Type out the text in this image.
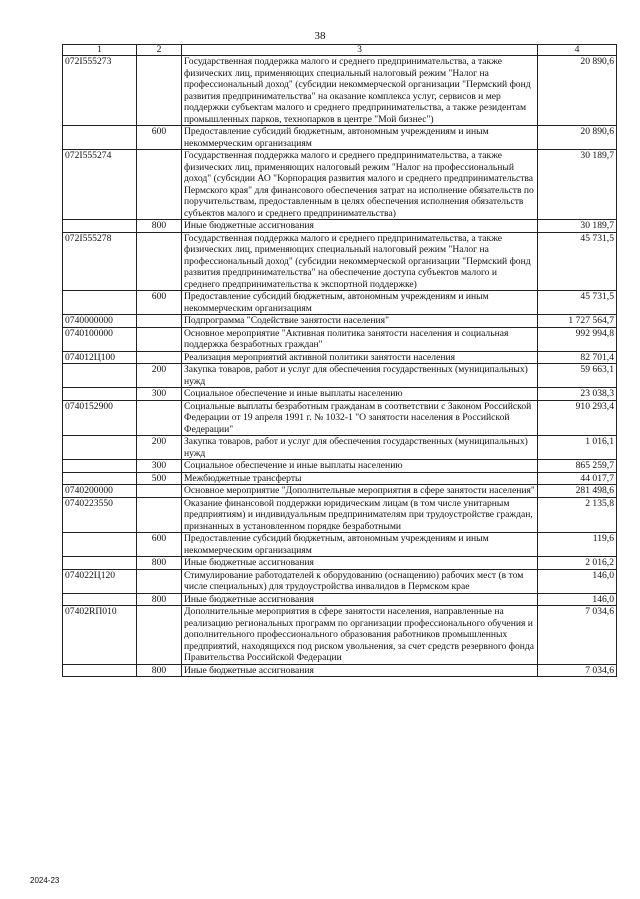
38
1	2	3	4
072I555273		Государственная поддержка малого и среднего предпринимательства, а также физических лиц, применяющих специальный налоговый режим "Налог на профессиональный доход" (субсидии некоммерческой организации "Пермский фонд развития предпринимательства" на оказание комплекса услуг, сервисов и мер поддержки субъектам малого и среднего предпринимательства, а также резидентам промышленных парков, технопарков в центре "Мой бизнес")	20 890,6
	600	Предоставление субсидий бюджетным, автономным учреждениям и иным некоммерческим организациям	20 890,6
072I555274		Государственная поддержка малого и среднего предпринимательства, а также физических лиц, применяющих налоговый режим "Налог на профессиональный доход" (субсидии АО "Корпорация развития малого и среднего предпринимательства Пермского края" для финансового обеспечения затрат на исполнение обязательств по поручительствам, предоставленным в целях обеспечения исполнения обязательств субъектов малого и среднего предпринимательства)	30 189,7
	800	Иные бюджетные ассигнования	30 189,7
072I555278		Государственная поддержка малого и среднего предпринимательства, а также физических лиц, применяющих специальный налоговый режим "Налог на профессиональный доход" (субсидии некоммерческой организации "Пермский фонд развития предпринимательства" на обеспечение доступа субъектов малого и среднего предпринимательства к экспортной поддержке)	45 731,5
	600	Предоставление субсидий бюджетным, автономным учреждениям и иным некоммерческим организациям	45 731,5
0740000000		Подпрограмма "Содействие занятости населения"	1 727 564,7
0740100000		Основное мероприятие "Активная политика занятости населения и социальная поддержка безработных граждан"	992 994,8
074012Ц100		Реализация мероприятий активной политики занятости населения	82 701,4
	200	Закупка товаров, работ и услуг для обеспечения государственных (муниципальных) нужд	59 663,1
	300	Социальное обеспечение и иные выплаты населению	23 038,3
0740152900		Социальные выплаты безработным гражданам в соответствии с Законом Российской Федерации от 19 апреля 1991 г. № 1032-1 "О занятости населения в Российской Федерации"	910 293,4
	200	Закупка товаров, работ и услуг для обеспечения государственных (муниципальных) нужд	1 016,1
	300	Социальное обеспечение и иные выплаты населению	865 259,7
	500	Межбюджетные трансферты	44 017,7
0740200000		Основное мероприятие "Дополнительные мероприятия в сфере занятости населения"	281 498,6
0740223550		Оказание финансовой поддержки юридическим лицам (в том числе унитарным предприятиям) и индивидуальным предпринимателям при трудоустройстве граждан, признанных в установленном порядке безработными	2 135,8
	600	Предоставление субсидий бюджетным, автономным учреждениям и иным некоммерческим организациям	119,6
	800	Иные бюджетные ассигнования	2 016,2
074022Ц120		Стимулирование работодателей к оборудованию (оснащению) рабочих мест (в том числе специальных) для трудоустройства инвалидов в Пермском крае	146,0
	800	Иные бюджетные ассигнования	146,0
07402RП010		Дополнительные мероприятия в сфере занятости населения, направленные на реализацию региональных программ по организации профессионального обучения и дополнительного профессионального образования работников промышленных предприятий, находящихся под риском увольнения, за счет средств резервного фонда Правительства Российской Федерации	7 034,6
	800	Иные бюджетные ассигнования	7 034,6
2024-23
